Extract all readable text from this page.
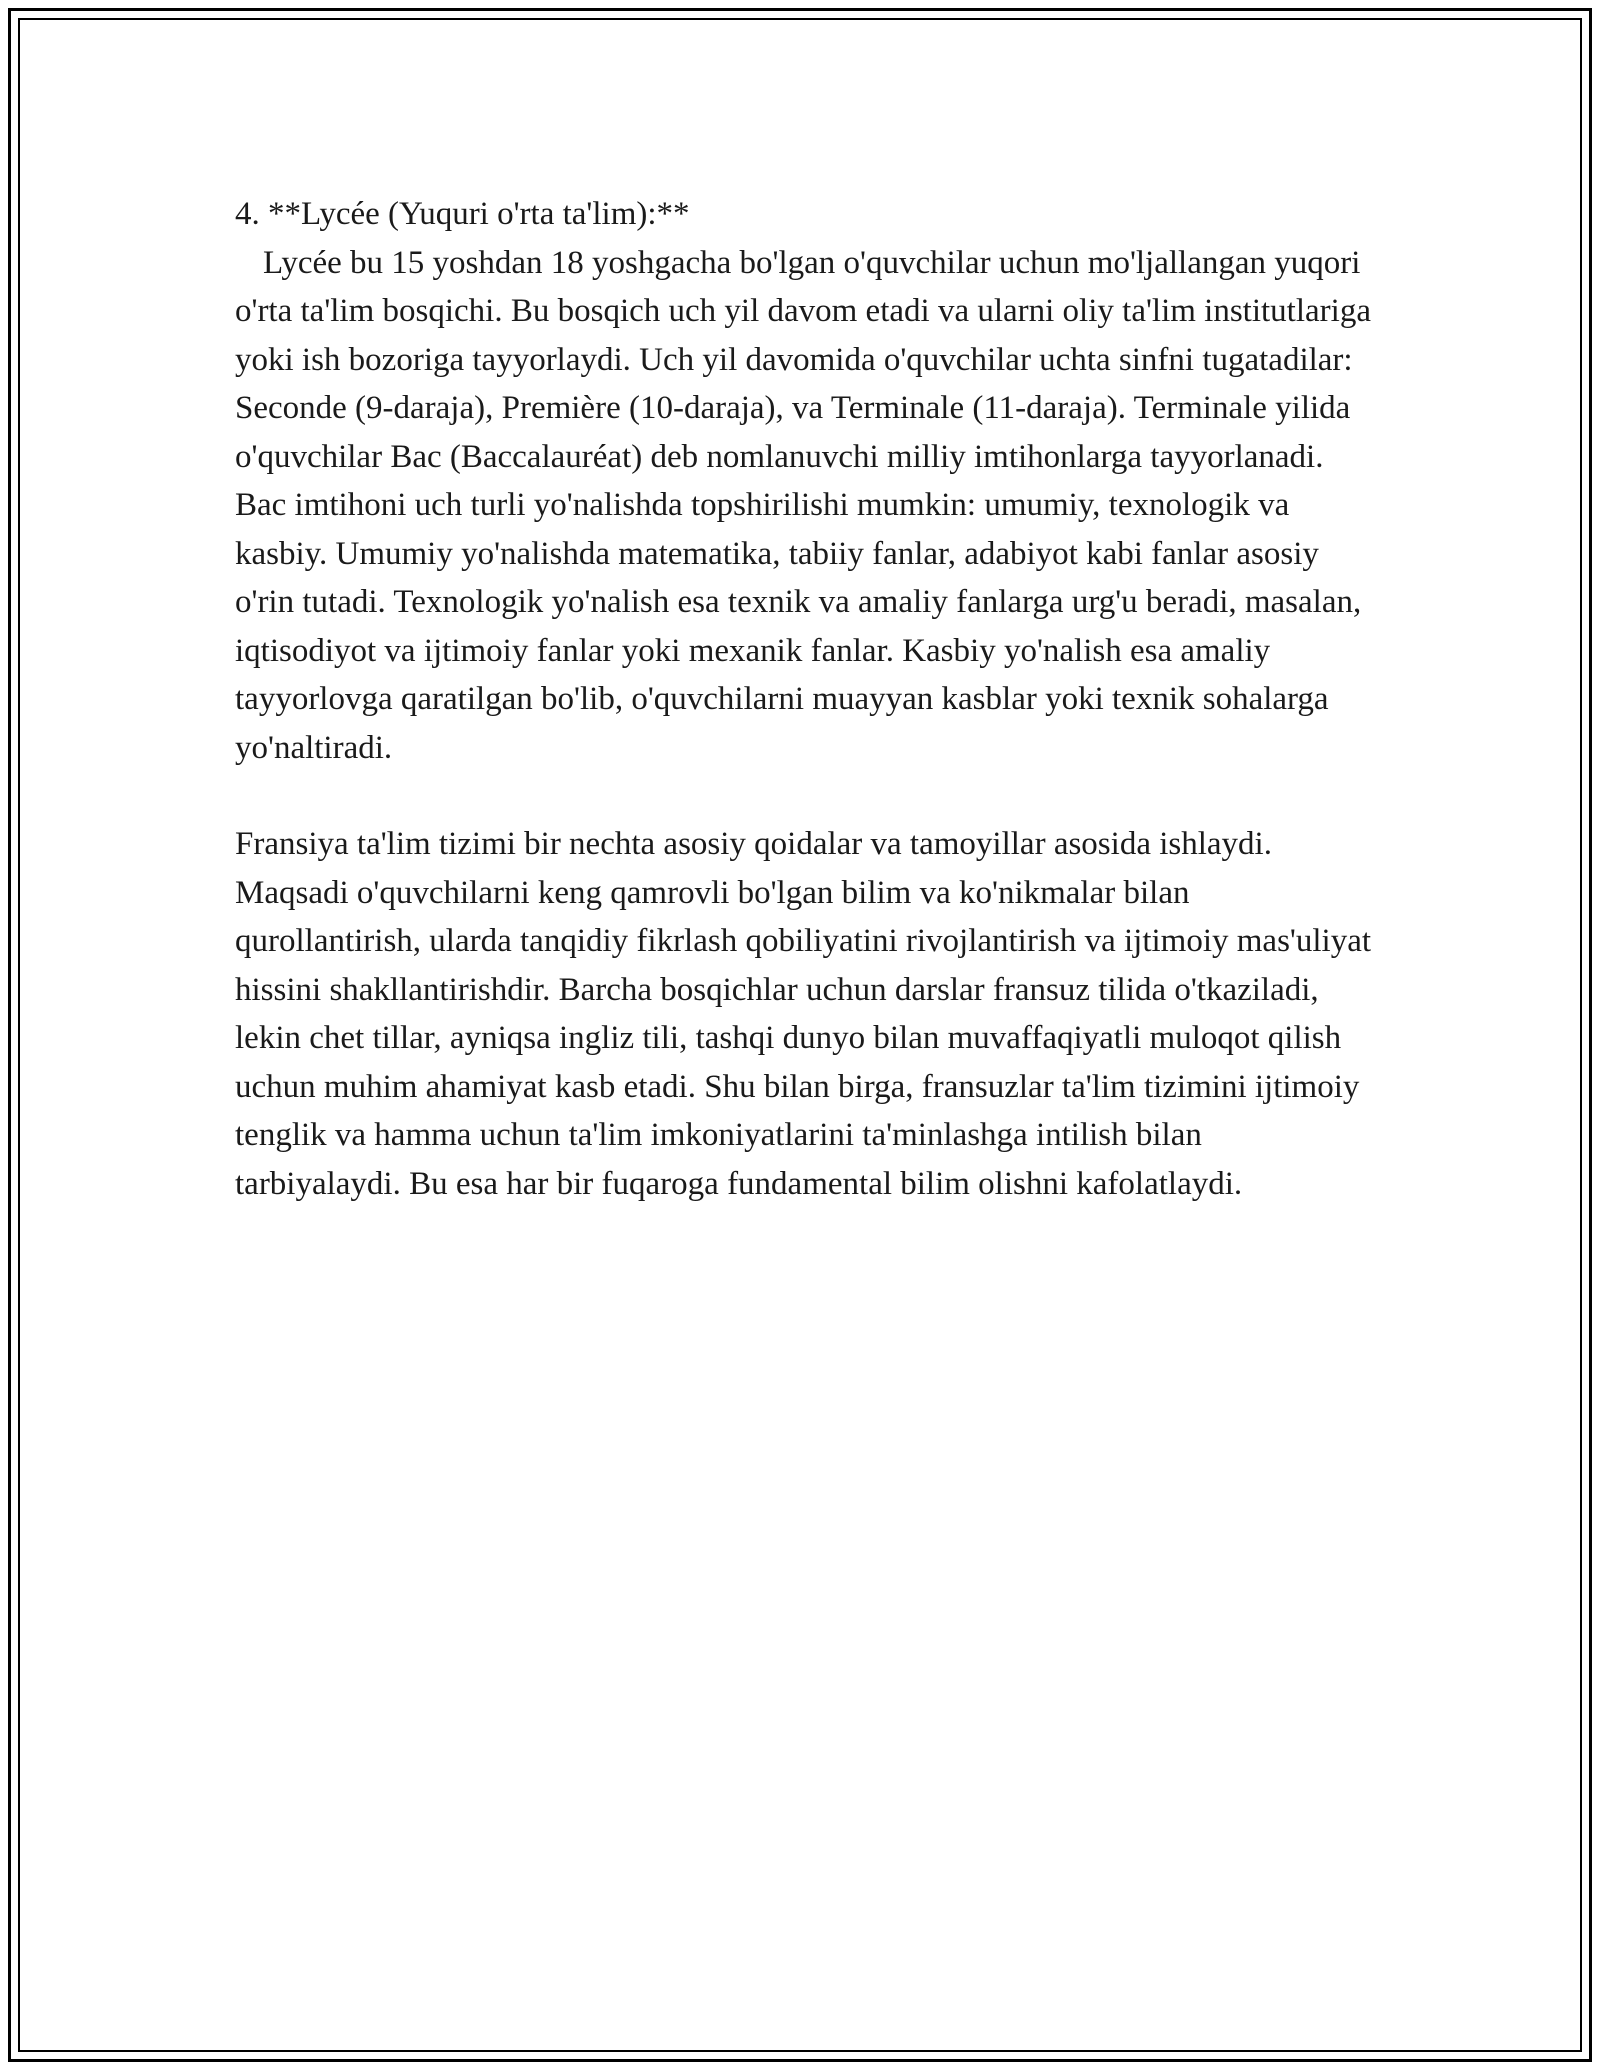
4. **Lycée (Yuquri o'rta ta'lim):**

Lycée bu 15 yoshdan 18 yoshgacha bo'lgan o'quvchilar uchun mo'ljallangan yuqori o'rta ta'lim bosqichi. Bu bosqich uch yil davom etadi va ularni oliy ta'lim institutlariga yoki ish bozoriga tayyorlaydi. Uch yil davomida o'quvchilar uchta sinfni tugatadilar: Seconde (9-daraja), Première (10-daraja), va Terminale (11-daraja). Terminale yilida o'quvchilar Bac (Baccalauréat) deb nomlanuvchi milliy imtihonlarga tayyorlanadi. Bac imtihoni uch turli yo'nalishda topshirilishi mumkin: umumiy, texnologik va kasbiy. Umumiy yo'nalishda matematika, tabiiy fanlar, adabiyot kabi fanlar asosiy o'rin tutadi. Texnologik yo'nalish esa texnik va amaliy fanlarga urg'u beradi, masalan, iqtisodiyot va ijtimoiy fanlar yoki mexanik fanlar. Kasbiy yo'nalish esa amaliy tayyorlovga qaratilgan bo'lib, o'quvchilarni muayyan kasblar yoki texnik sohalarga yo'naltiradi.

Fransiya ta'lim tizimi bir nechta asosiy qoidalar va tamoyillar asosida ishlaydi. Maqsadi o'quvchilarni keng qamrovli bo'lgan bilim va ko'nikmalar bilan qurollantirish, ularda tanqidiy fikrlash qobiliyatini rivojlantirish va ijtimoiy mas'uliyat hissini shakllantirishdir. Barcha bosqichlar uchun darslar fransuz tilida o'tkaziladi, lekin chet tillar, ayniqsa ingliz tili, tashqi dunyo bilan muvaffaqiyatli muloqot qilish uchun muhim ahamiyat kasb etadi. Shu bilan birga, fransuzlar ta'lim tizimini ijtimoiy tenglik va hamma uchun ta'lim imkoniyatlarini ta'minlashga intilish bilan tarbiyalaydi. Bu esa har bir fuqaroga fundamental bilim olishni kafolatlaydi.
